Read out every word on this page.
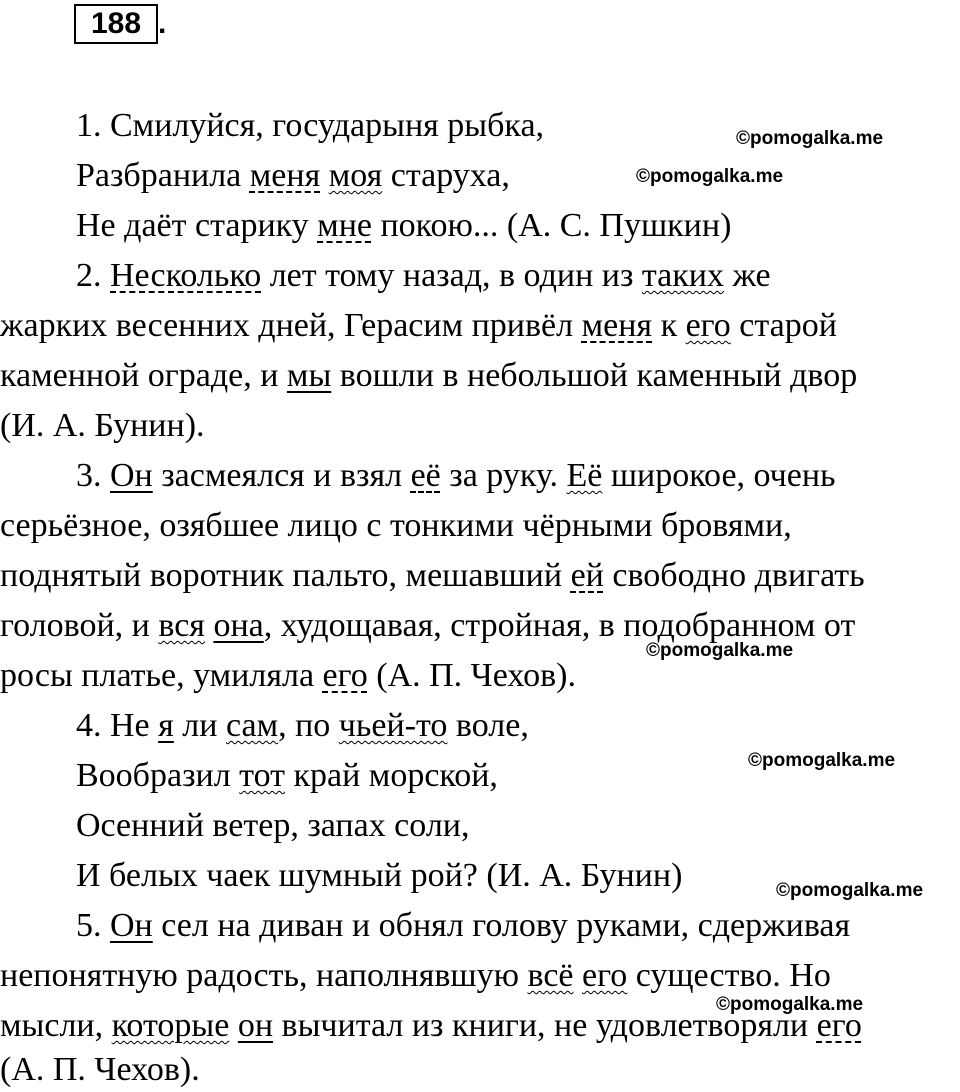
188 .
1. Смилуйся, государыня рыбка,
Разбранила меня моя старуха,
Не даёт старику мне покою... (А. С. Пушкин)
2. Несколько лет тому назад, в один из таких же
жарких весенних дней, Герасим привёл меня к его старой
каменной ограде, и мы вошли в небольшой каменный двор
(И. А. Бунин).
3. Он засмеялся и взял её за руку. Её широкое, очень
серьёзное, озябшее лицо с тонкими чёрными бровями,
поднятый воротник пальто, мешавший ей свободно двигать
головой, и вся она, худощавая, стройная, в подобранном от
росы платье, умиляла его (А. П. Чехов).
4. Не я ли сам, по чьей-то воле,
Вообразил тот край морской,
Осенний ветер, запах соли,
И белых чаек шумный рой? (И. А. Бунин)
5. Он сел на диван и обнял голову руками, сдерживая
непонятную радость, наполнявшую всё его существо. Но
мысли, которые он вычитал из книги, не удовлетворяли его
(А. П. Чехов).
©pomogalka.me
©pomogalka.me
©pomogalka.me
©pomogalka.me
©pomogalka.me
©pomogalka.me
